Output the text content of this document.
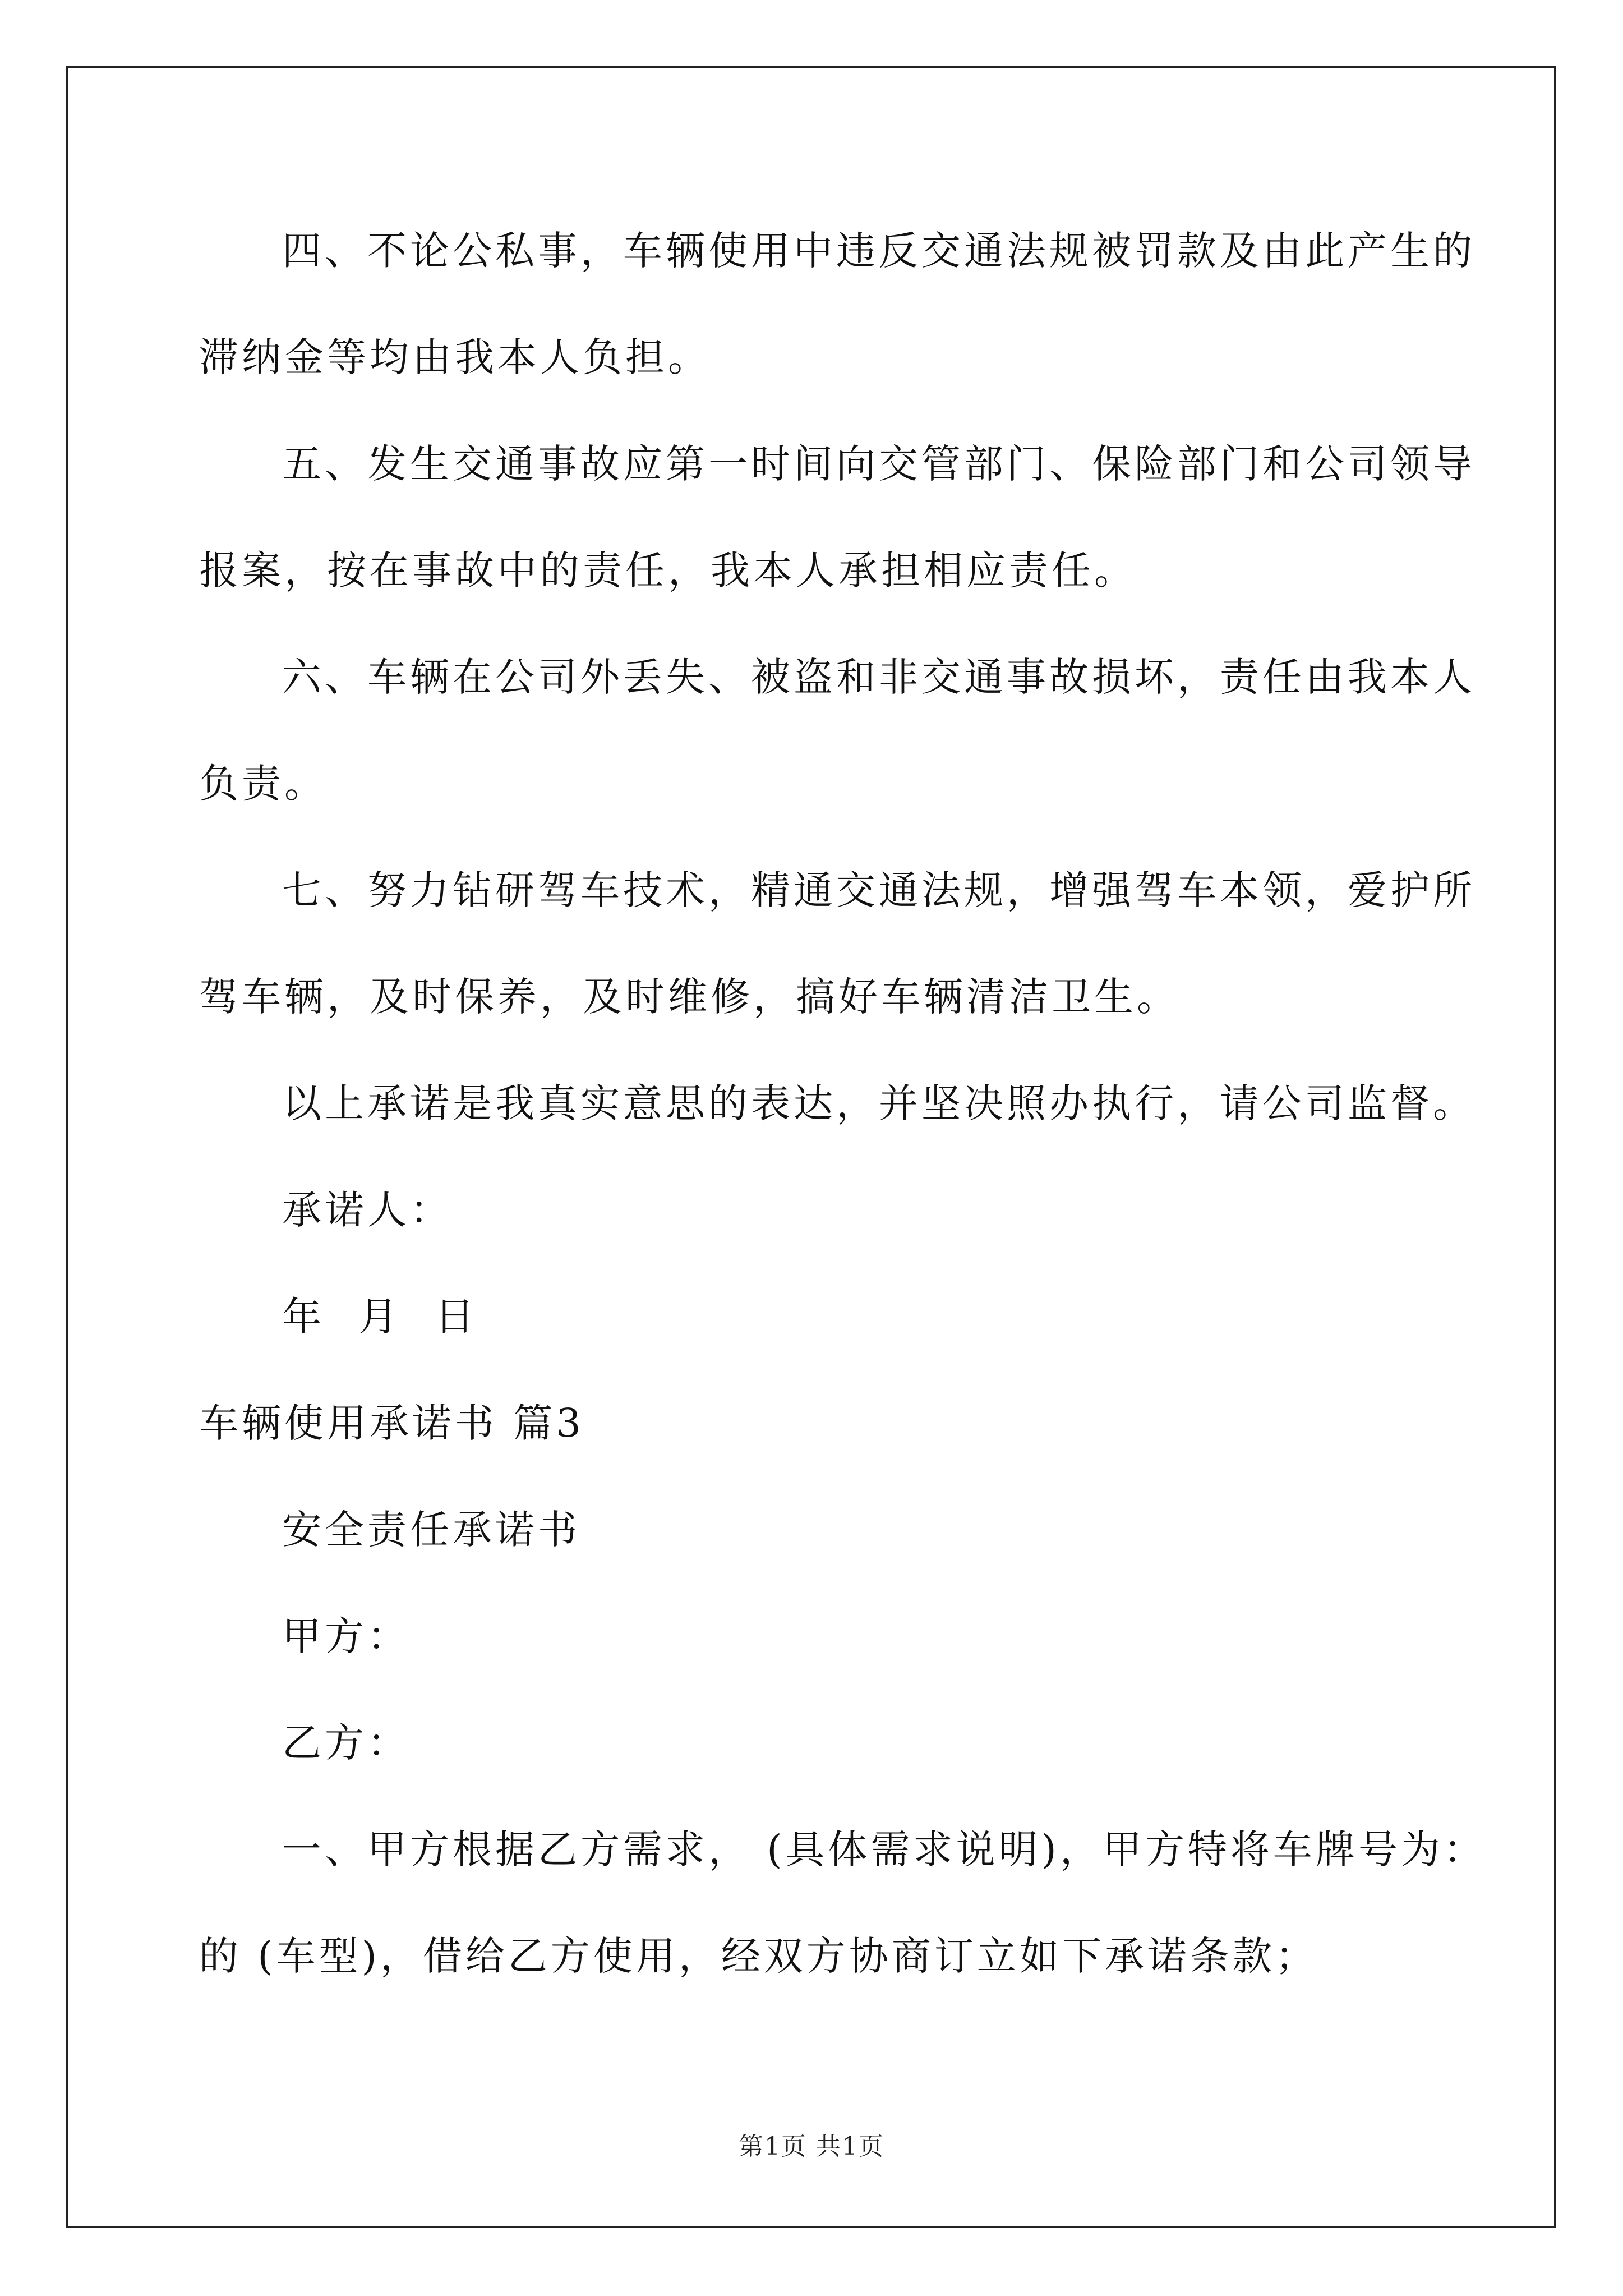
四、不论公私事，车辆使用中违反交通法规被罚款及由此产生的

滞纳金等均由我本人负担。

五、发生交通事故应第一时间向交管部门、保险部门和公司领导

报案，按在事故中的责任，我本人承担相应责任。

六、车辆在公司外丢失、被盗和非交通事故损坏，责任由我本人

负责。

七、努力钻研驾车技术，精通交通法规，增强驾车本领，爱护所

驾车辆，及时保养，及时维修，搞好车辆清洁卫生。

以上承诺是我真实意思的表达，并坚决照办执行，请公司监督。

承诺人：

年 月 日

车辆使用承诺书 篇3

安全责任承诺书

甲方：

乙方：

一、甲方根据乙方需求， (具体需求说明)，甲方特将车牌号为：

的 (车型)，借给乙方使用，经双方协商订立如下承诺条款；

第1页 共1页
